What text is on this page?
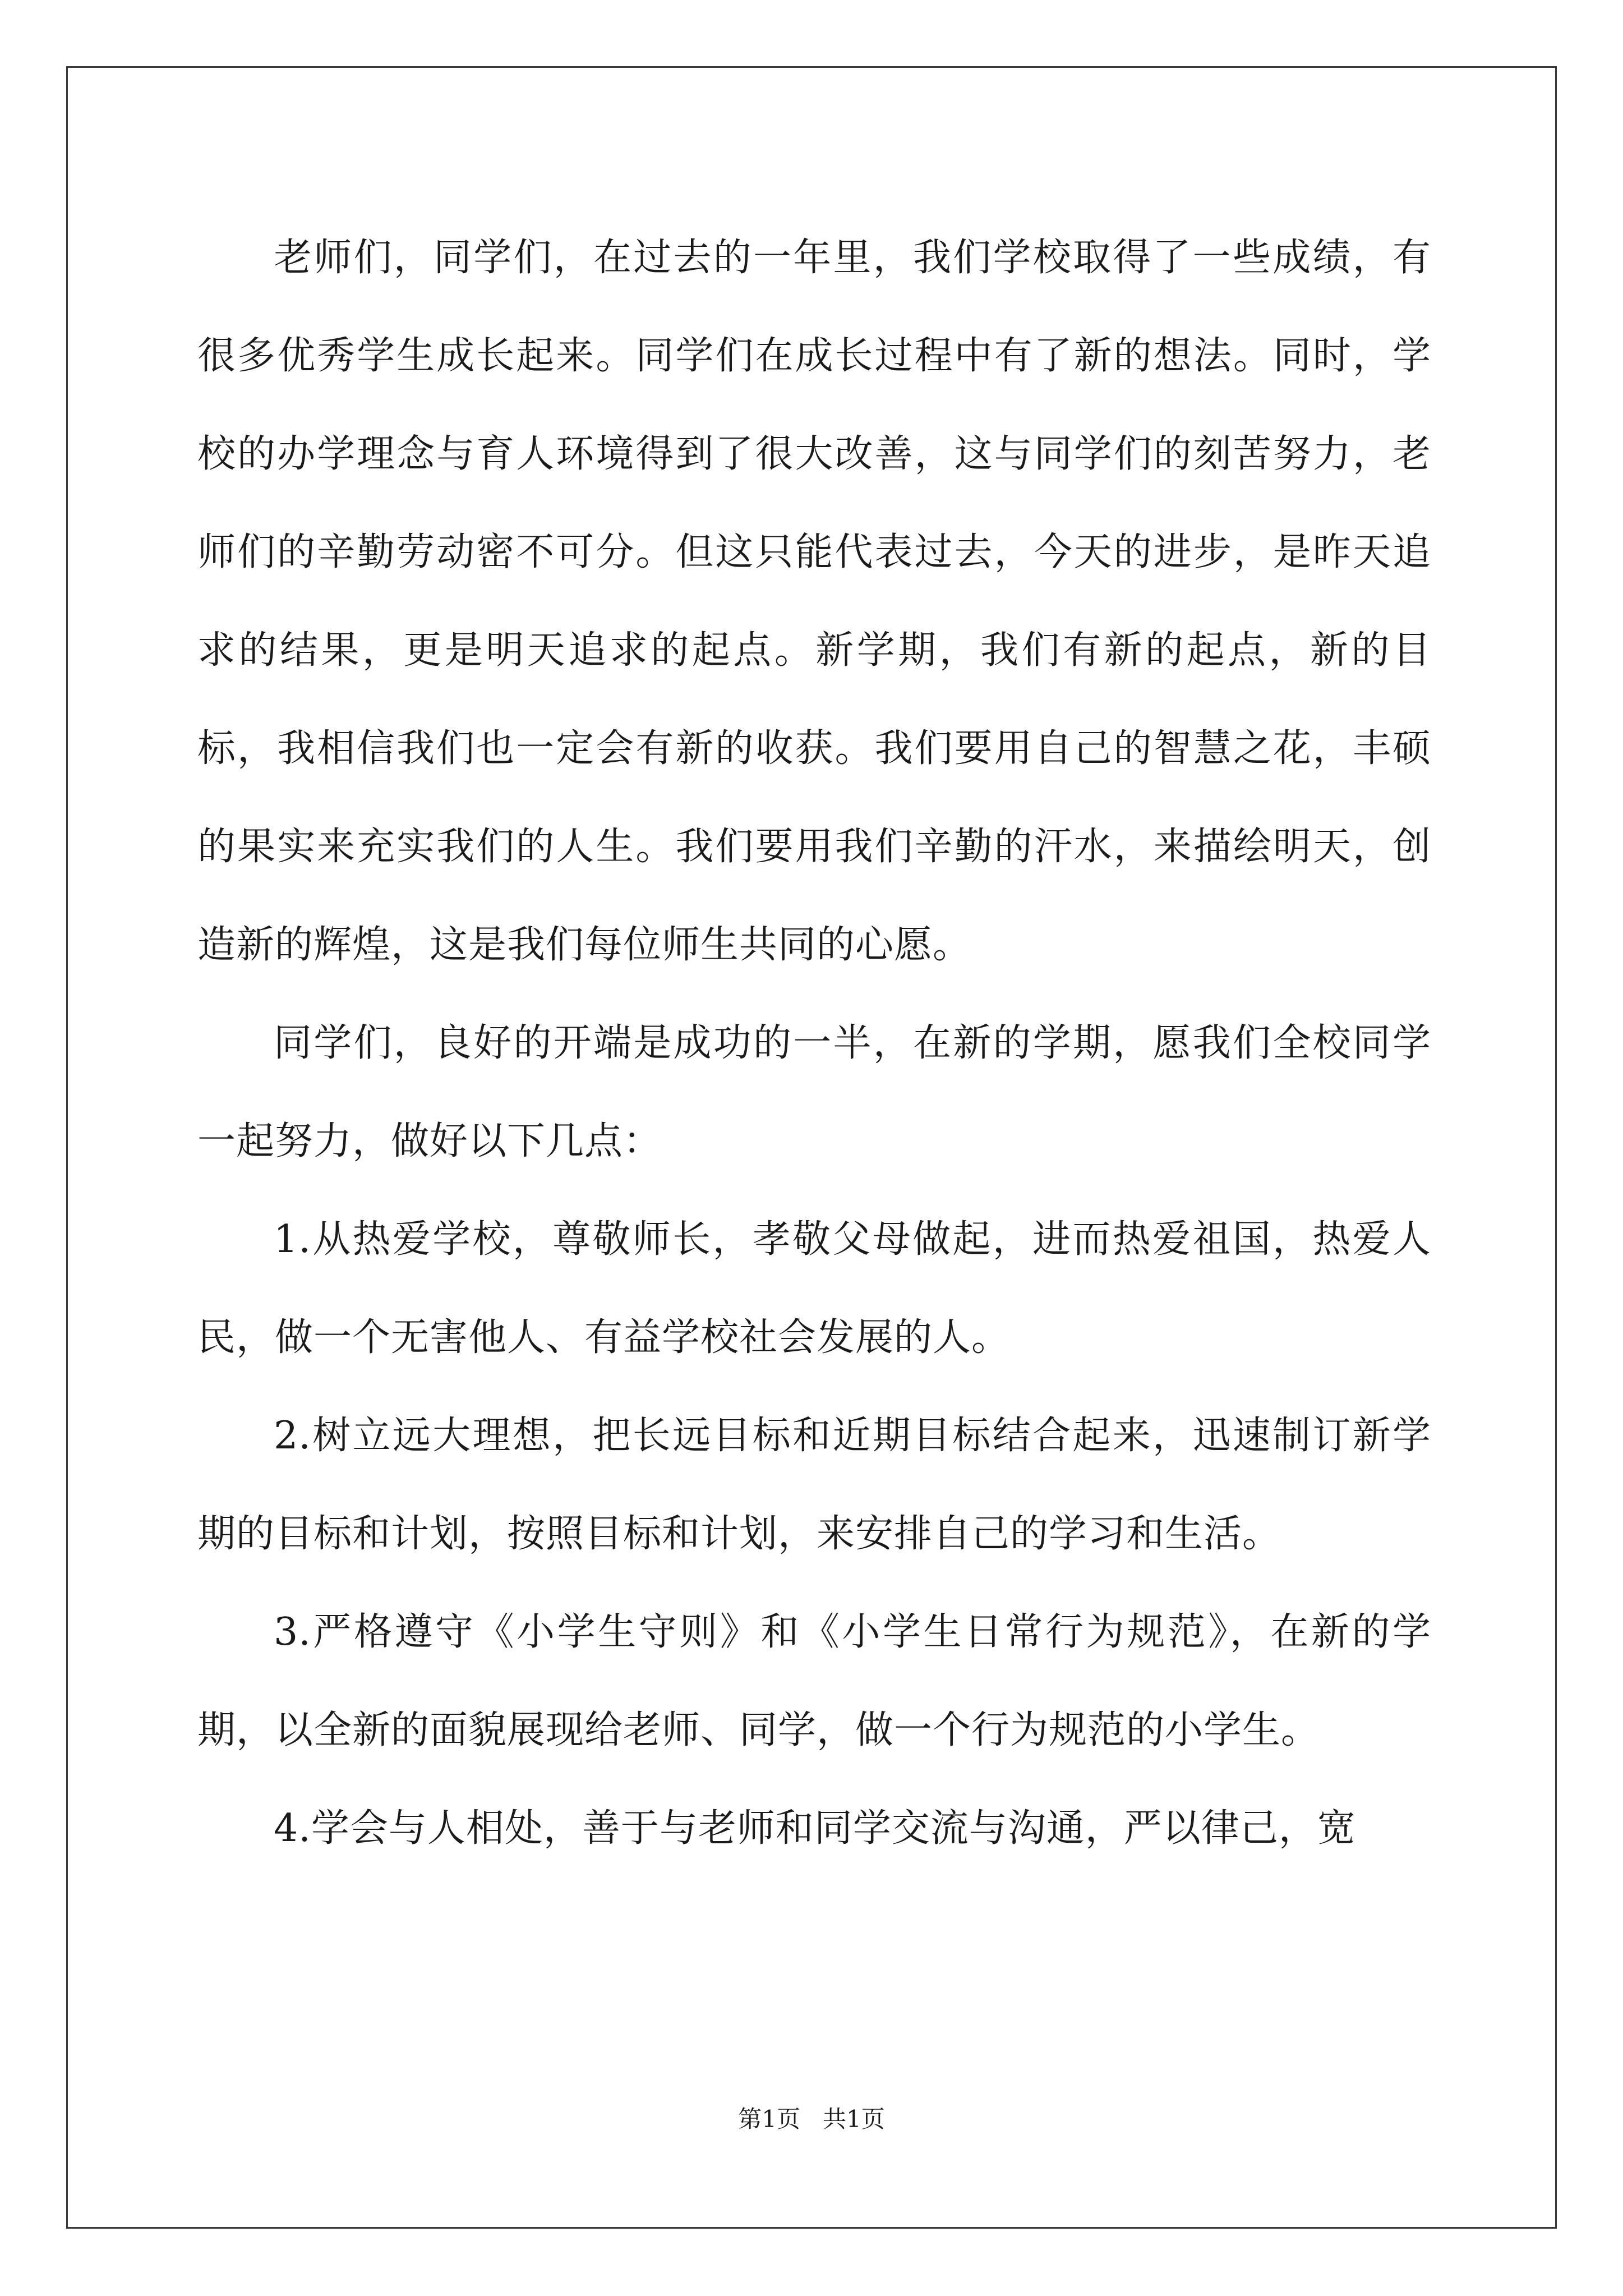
老师们，同学们，在过去的一年里，我们学校取得了一些成绩，有很多优秀学生成长起来。同学们在成长过程中有了新的想法。同时，学校的办学理念与育人环境得到了很大改善，这与同学们的刻苦努力，老师们的辛勤劳动密不可分。但这只能代表过去，今天的进步，是昨天追求的结果，更是明天追求的起点。新学期，我们有新的起点，新的目标，我相信我们也一定会有新的收获。我们要用自己的智慧之花，丰硕的果实来充实我们的人生。我们要用我们辛勤的汗水，来描绘明天，创造新的辉煌，这是我们每位师生共同的心愿。

同学们，良好的开端是成功的一半，在新的学期，愿我们全校同学一起努力，做好以下几点：

1.从热爱学校，尊敬师长，孝敬父母做起，进而热爱祖国，热爱人民，做一个无害他人、有益学校社会发展的人。

2.树立远大理想，把长远目标和近期目标结合起来，迅速制订新学期的目标和计划，按照目标和计划，来安排自己的学习和生活。

3.严格遵守《小学生守则》和《小学生日常行为规范》，在新的学期，以全新的面貌展现给老师、同学，做一个行为规范的小学生。

4.学会与人相处，善于与老师和同学交流与沟通，严以律己，宽

第1页 共1页
